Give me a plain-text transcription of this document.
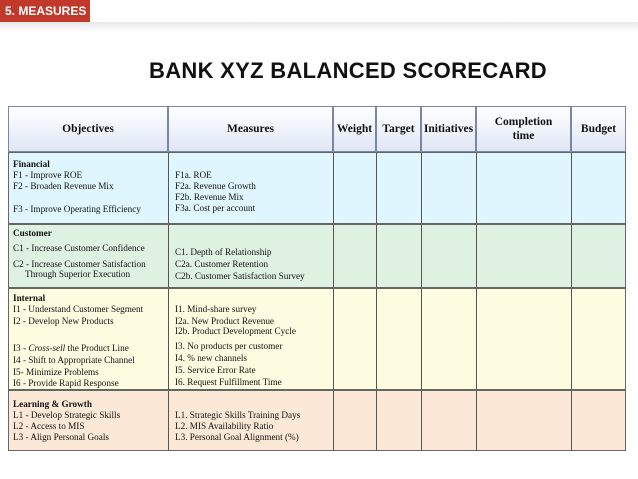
5. MEASURES
BANK XYZ BALANCED SCORECARD
Objectives	Measures	Weight Target Initiatives
Completion
time
Budget
Financial
F1 - Improve ROE
F2 - Broaden Revenue Mix
F3 - Improve Operating Efficiency
F1a. ROE
F2a. Revenue Growth
F2b. Revenue Mix
F3a. Cost per account
Customer
C1 - Increase Customer Confidence
C2 - Increase Customer Satisfaction
Through Superior Execution
C1. Depth of Relationship
C2a. Customer Retention
C2b. Customer Satisfaction Survey
Internal
I1 - Understand Customer Segment
I2 - Develop New Products
I3 - Cross-sell the Product Line
I4 - Shift to Appropriate Channel
I5- Minimize Problems
I6 - Provide Rapid Response
I1. Mind-share survey
I2a. New Product Revenue
I2b. Product Development Cycle
I3. No products per customer
I4. % new channels
I5. Service Error Rate
I6. Request Fulfillment Time
Learning & Growth
L1 - Develop Strategic Skills
L2 - Access to MIS
L3 - Align Personal Goals
L1. Strategic Skills Training Days
L2. MIS Availability Ratio
L3. Personal Goal Alignment (%)
